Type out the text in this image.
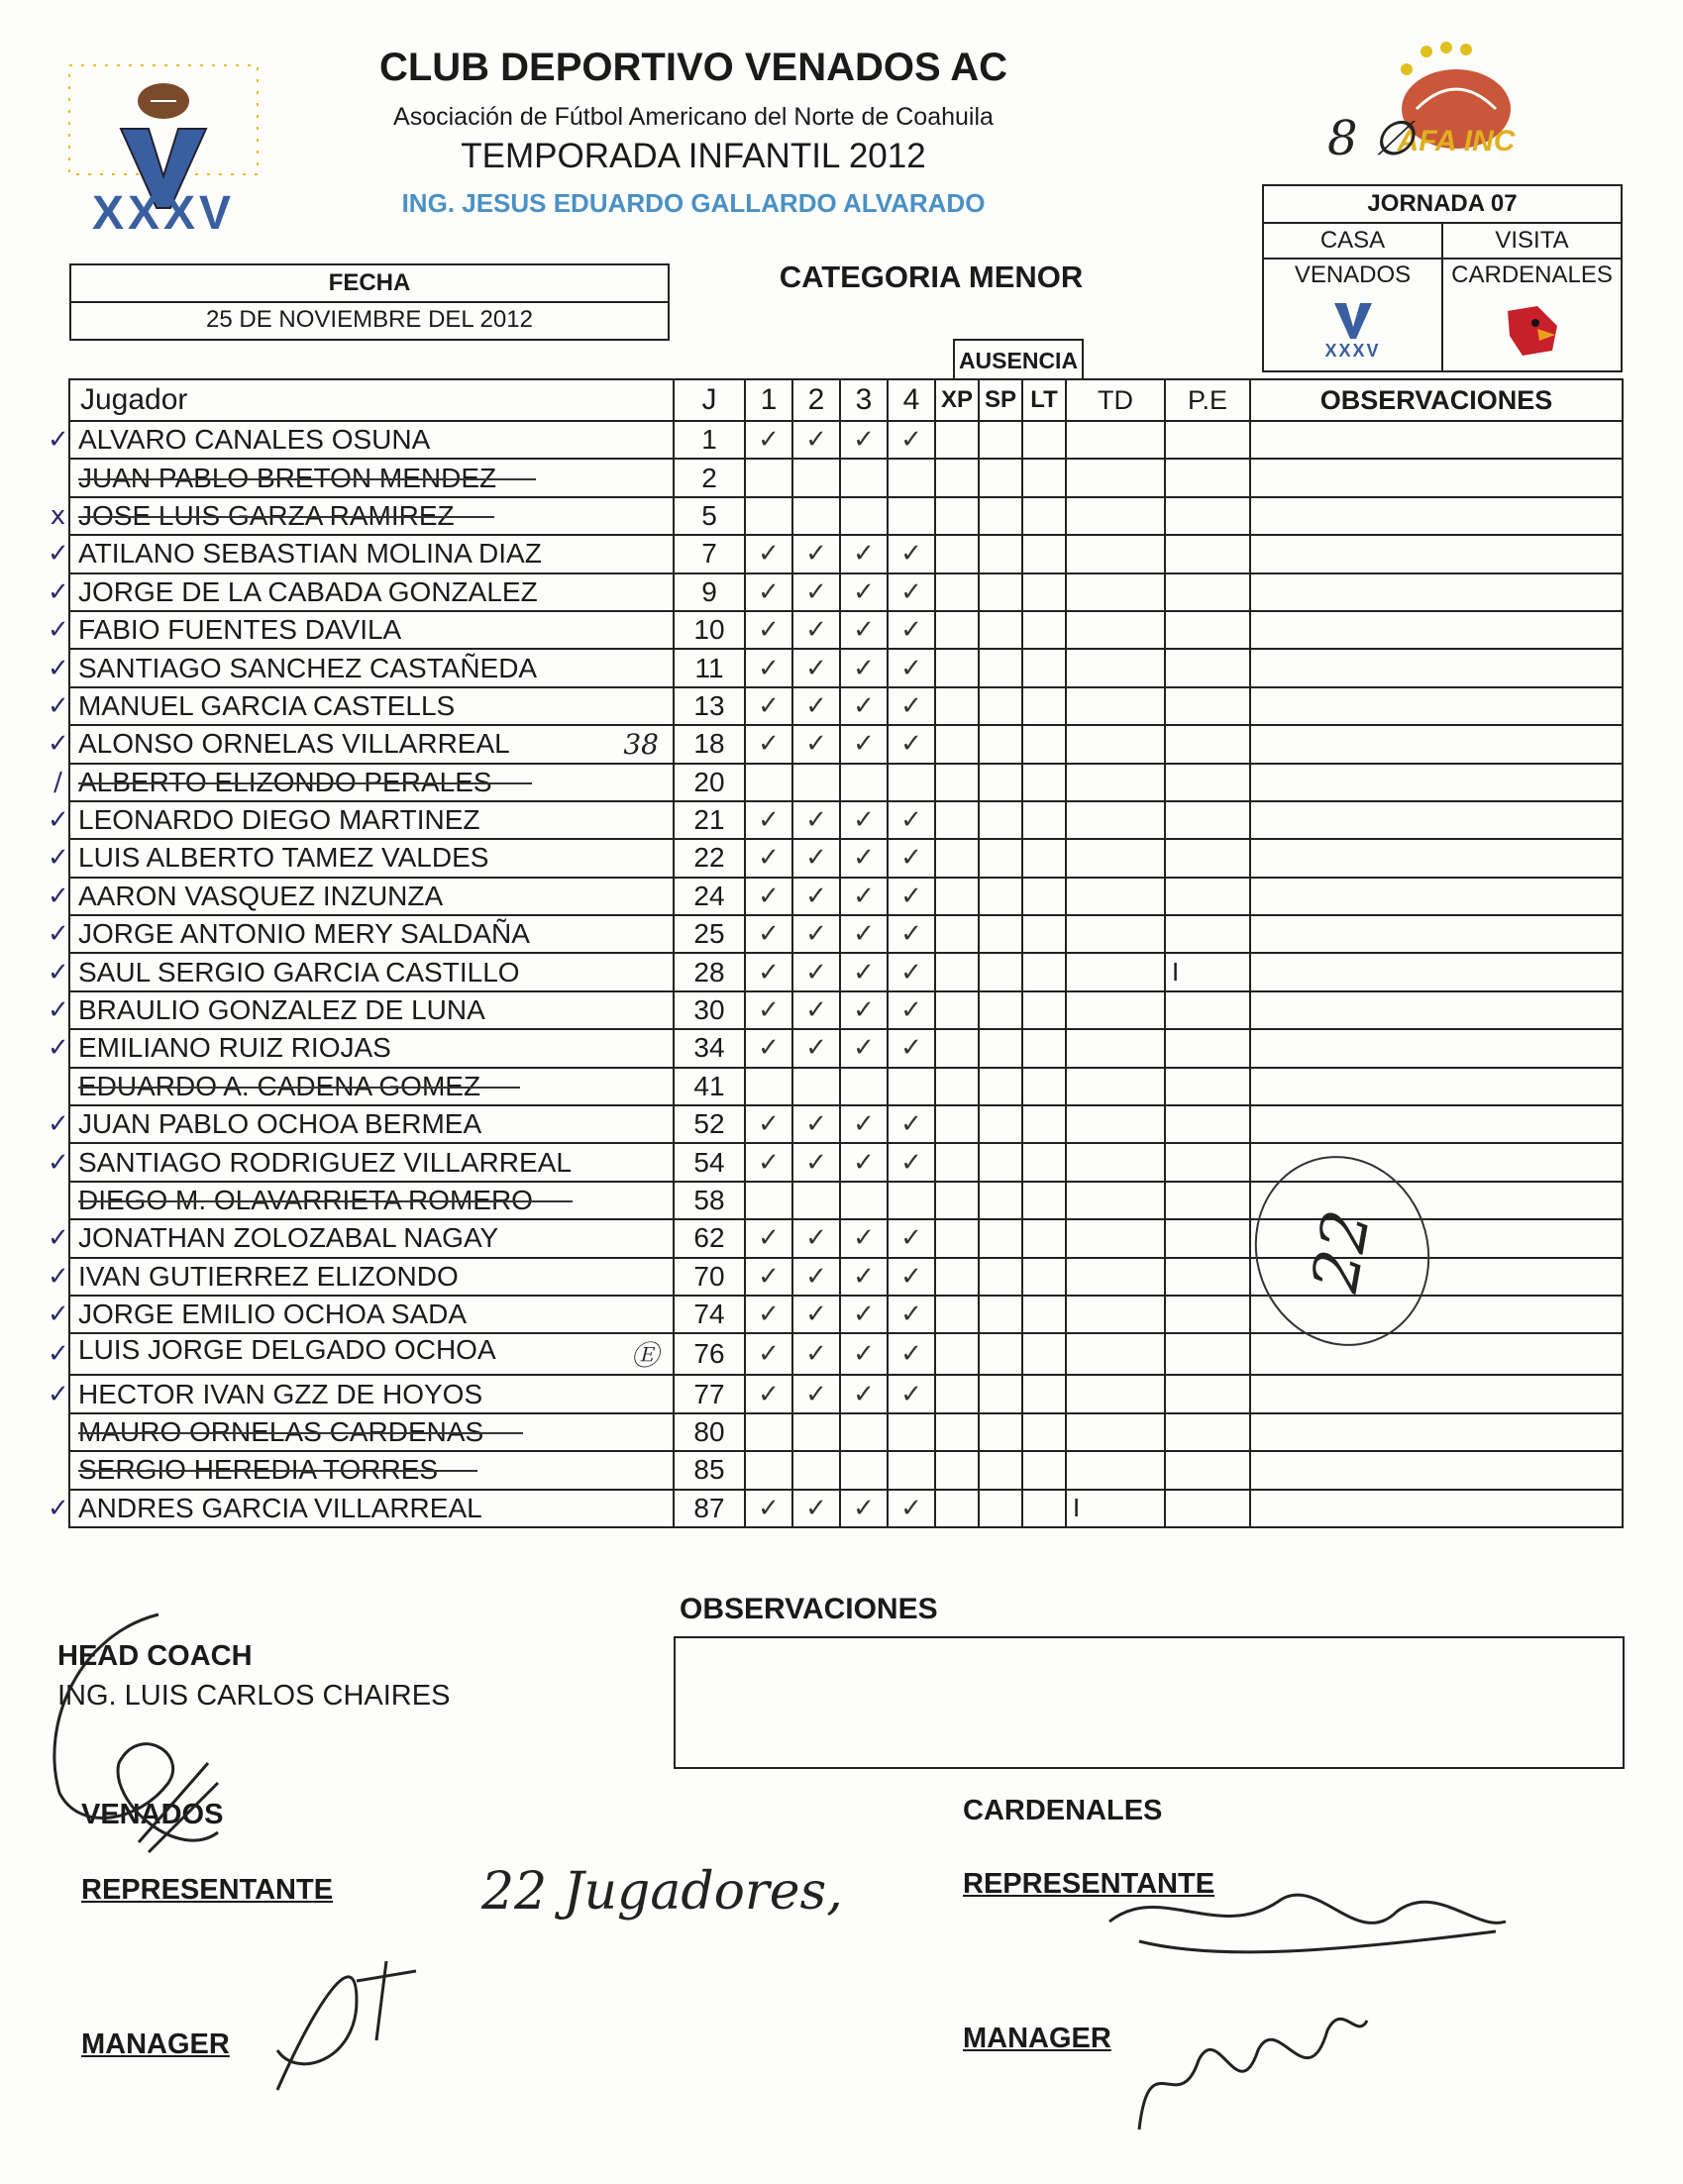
XXXV
AFA INC
8 ∅
CLUB DEPORTIVO VENADOS AC
Asociación de Fútbol Americano del Norte de Coahuila
TEMPORADA INFANTIL 2012
ING. JESUS EDUARDO GALLARDO ALVARADO
FECHA
25 DE NOVIEMBRE DEL 2012
CATEGORIA MENOR
JORNADA 07
CASA	VISITA
VENADOS	CARDENALES
XXXV
AUSENCIA
	Jugador	J	1	2	3	4	XP	SP	LT	TD	P.E	OBSERVACIONES
✓	ALVARO CANALES OSUNA	1	✓	✓	✓	✓						
	JUAN PABLO BRETON MENDEZ	2										
x	JOSE LUIS GARZA RAMIREZ	5										
✓	ATILANO SEBASTIAN MOLINA DIAZ	7	✓	✓	✓	✓						
✓	JORGE DE LA CABADA GONZALEZ	9	✓	✓	✓	✓						
✓	FABIO FUENTES DAVILA	10	✓	✓	✓	✓						
✓	SANTIAGO SANCHEZ CASTAÑEDA	11	✓	✓	✓	✓						
✓	MANUEL GARCIA CASTELLS	13	✓	✓	✓	✓						
✓	ALONSO ORNELAS VILLARREAL 38	18	✓	✓	✓	✓						
/	ALBERTO ELIZONDO PERALES	20										
✓	LEONARDO DIEGO MARTINEZ	21	✓	✓	✓	✓						
✓	LUIS ALBERTO TAMEZ VALDES	22	✓	✓	✓	✓						
✓	AARON VASQUEZ INZUNZA	24	✓	✓	✓	✓						
✓	JORGE ANTONIO MERY SALDAÑA	25	✓	✓	✓	✓						
✓	SAUL SERGIO GARCIA CASTILLO	28	✓	✓	✓	✓					I	
✓	BRAULIO GONZALEZ DE LUNA	30	✓	✓	✓	✓						
✓	EMILIANO RUIZ RIOJAS	34	✓	✓	✓	✓						
	EDUARDO A. CADENA GOMEZ	41										
✓	JUAN PABLO OCHOA BERMEA	52	✓	✓	✓	✓						
✓	SANTIAGO RODRIGUEZ VILLARREAL	54	✓	✓	✓	✓						
	DIEGO M. OLAVARRIETA ROMERO	58										
✓	JONATHAN ZOLOZABAL NAGAY	62	✓	✓	✓	✓						
✓	IVAN GUTIERREZ ELIZONDO	70	✓	✓	✓	✓						
✓	JORGE EMILIO OCHOA SADA	74	✓	✓	✓	✓						
✓	LUIS JORGE DELGADO OCHOA Ⓔ	76	✓	✓	✓	✓						
✓	HECTOR IVAN GZZ DE HOYOS	77	✓	✓	✓	✓						
	MAURO ORNELAS CARDENAS	80										
	SERGIO HEREDIA TORRES	85										
✓	ANDRES GARCIA VILLARREAL	87	✓	✓	✓	✓				I		
22
OBSERVACIONES
HEAD COACH
ING. LUIS CARLOS CHAIRES
VENADOS
REPRESENTANTE
MANAGER
CARDENALES
REPRESENTANTE
MANAGER
22 Jugadores,
